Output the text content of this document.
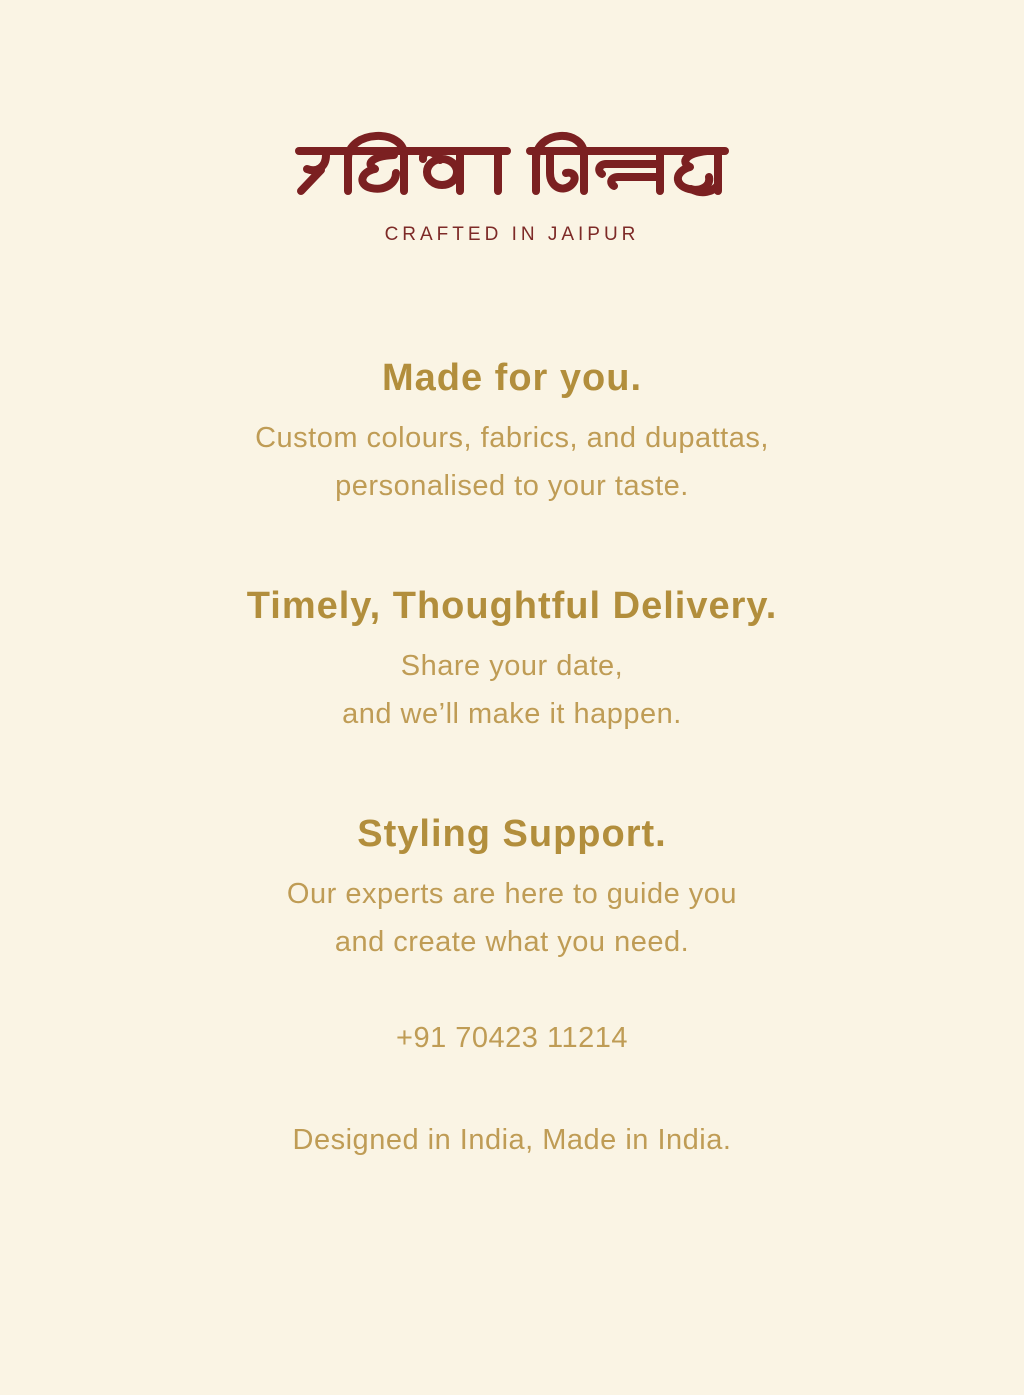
CRAFTED IN JAIPUR
Made for you.

Custom colours, fabrics, and dupattas,
personalised to your taste.

Timely, Thoughtful Delivery.

Share your date,
and we’ll make it happen.

Styling Support.

Our experts are here to guide you
and create what you need.

+91 70423 11214
Designed in India, Made in India.
